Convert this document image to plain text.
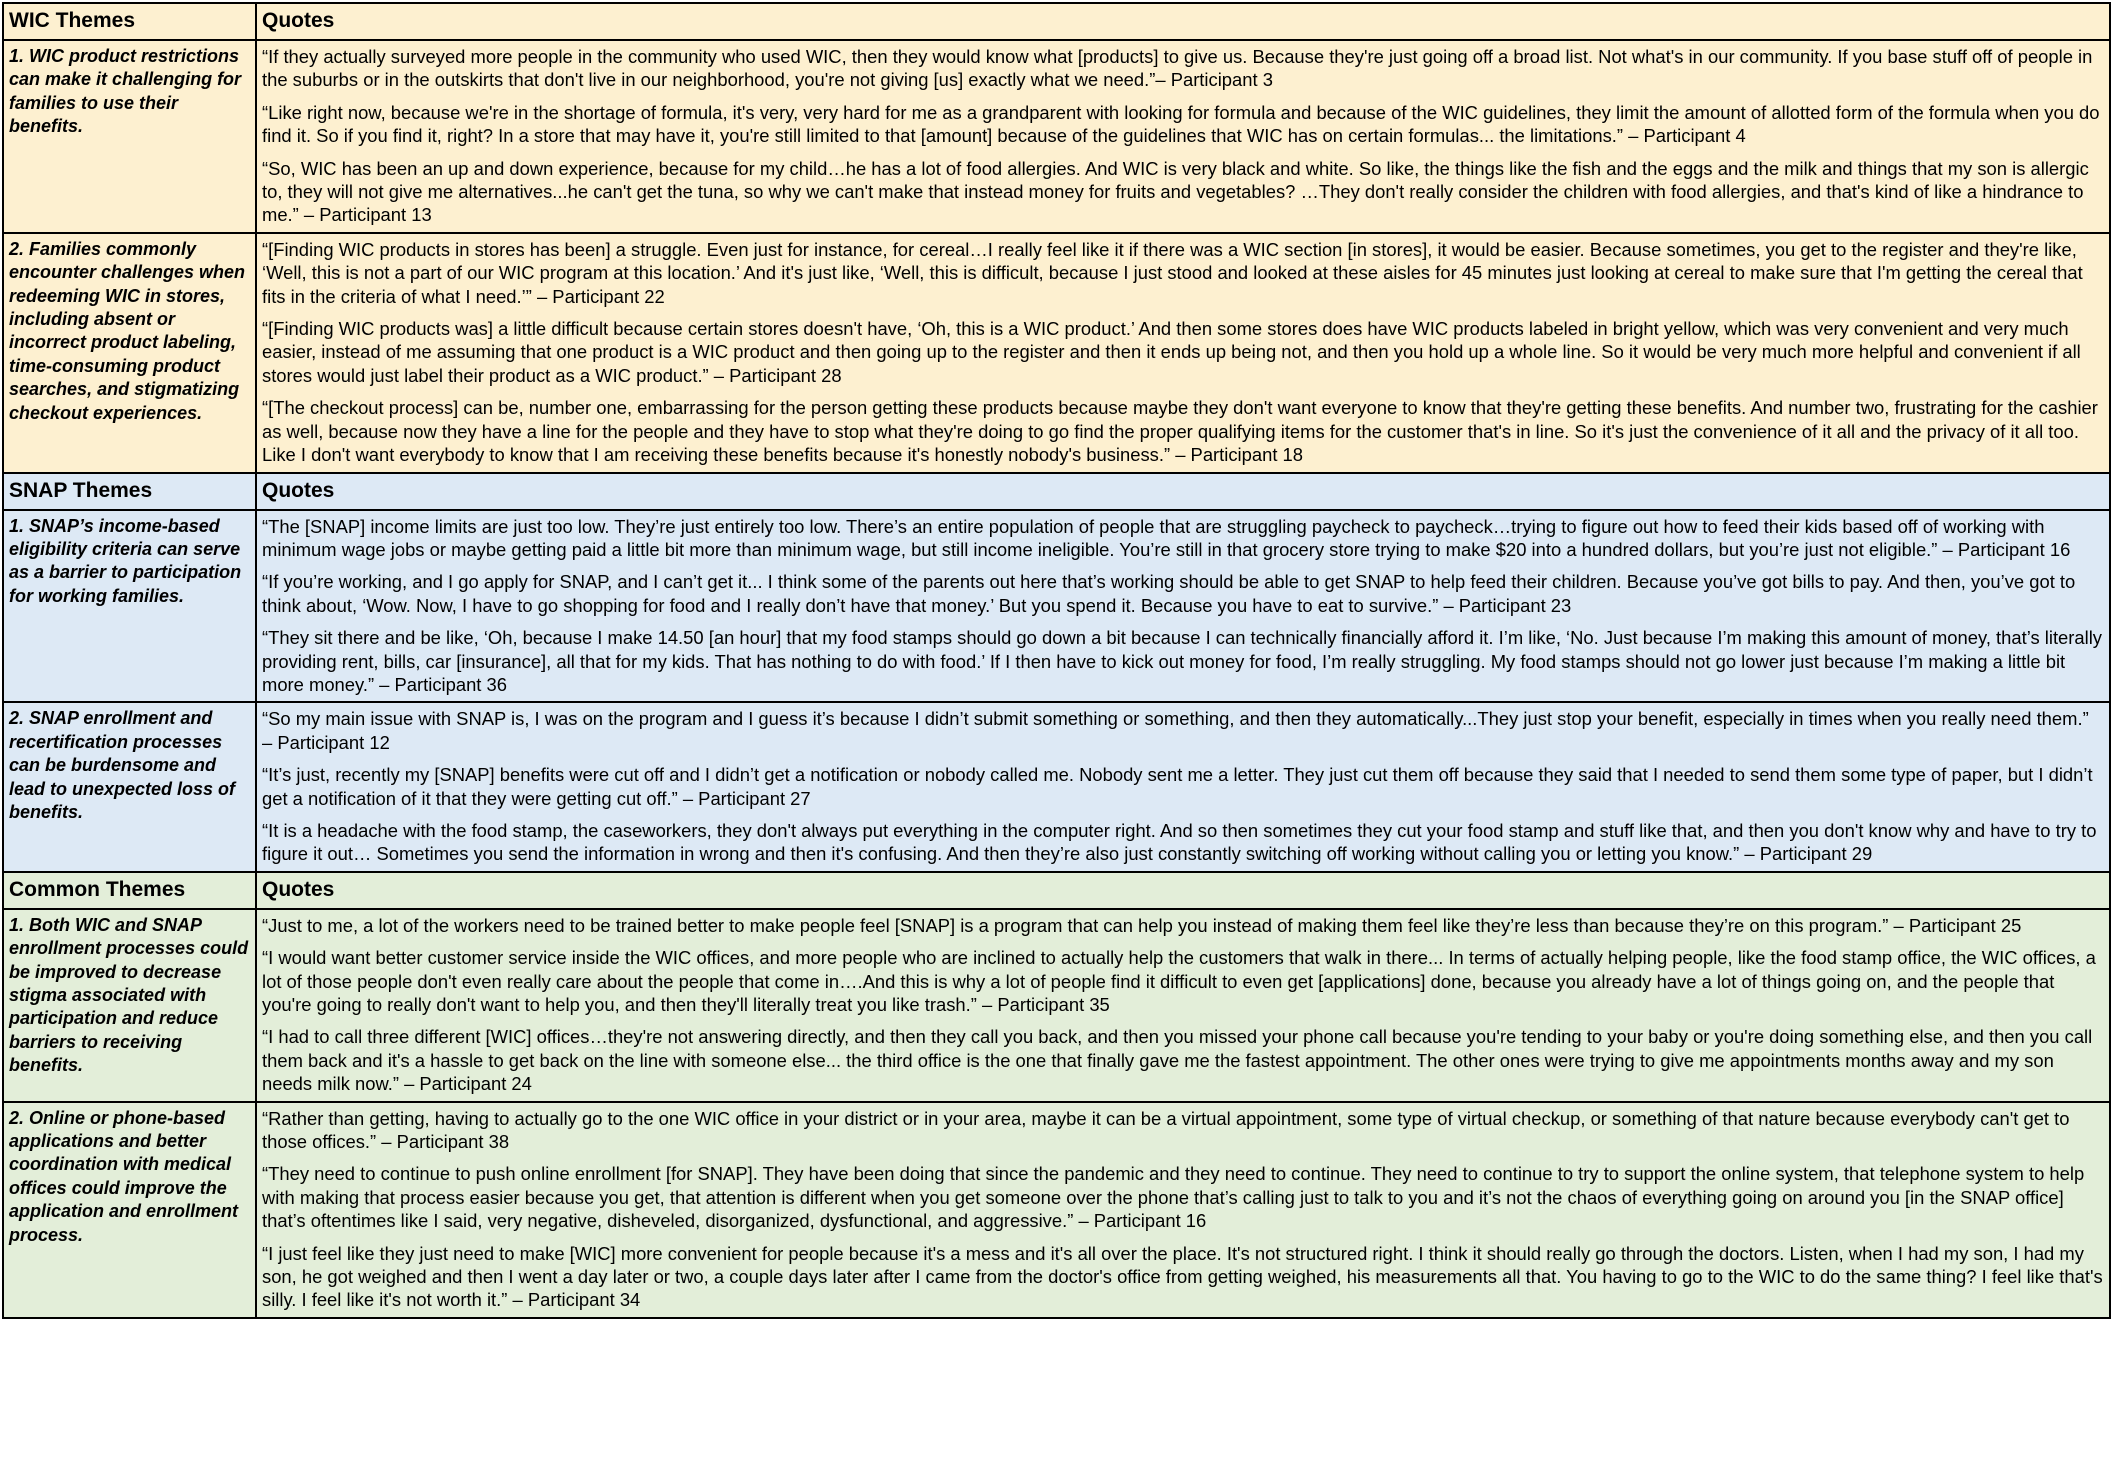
WIC Themes	Quotes
1. WIC product restrictions can make it challenging for families to use their benefits.	“If they actually surveyed more people in the community who used WIC, then they would know what [products] to give us. Because they're just going off a broad list. Not what's in our community. If you base stuff off of people in the suburbs or in the outskirts that don't live in our neighborhood, you're not giving [us] exactly what we need.”– Participant 3

“Like right now, because we're in the shortage of formula, it's very, very hard for me as a grandparent with looking for formula and because of the WIC guidelines, they limit the amount of allotted form of the formula when you do find it. So if you find it, right? In a store that may have it, you're still limited to that [amount] because of the guidelines that WIC has on certain formulas... the limitations.” – Participant 4

“So, WIC has been an up and down experience, because for my child…he has a lot of food allergies. And WIC is very black and white. So like, the things like the fish and the eggs and the milk and things that my son is allergic to, they will not give me alternatives...he can't get the tuna, so why we can't make that instead money for fruits and vegetables? …They don't really consider the children with food allergies, and that's kind of like a hindrance to me.” – Participant 13

2. Families commonly encounter challenges when redeeming WIC in stores, including absent or incorrect product labeling, time-consuming product searches, and stigmatizing checkout experiences.	“[Finding WIC products in stores has been] a struggle. Even just for instance, for cereal…I really feel like it if there was a WIC section [in stores], it would be easier. Because sometimes, you get to the register and they're like, ‘Well, this is not a part of our WIC program at this location.’ And it's just like, ‘Well, this is difficult, because I just stood and looked at these aisles for 45 minutes just looking at cereal to make sure that I'm getting the cereal that fits in the criteria of what I need.’” – Participant 22

“[Finding WIC products was] a little difficult because certain stores doesn't have, ‘Oh, this is a WIC product.’ And then some stores does have WIC products labeled in bright yellow, which was very convenient and very much easier, instead of me assuming that one product is a WIC product and then going up to the register and then it ends up being not, and then you hold up a whole line. So it would be very much more helpful and convenient if all stores would just label their product as a WIC product.” – Participant 28

“[The checkout process] can be, number one, embarrassing for the person getting these products because maybe they don't want everyone to know that they're getting these benefits. And number two, frustrating for the cashier as well, because now they have a line for the people and they have to stop what they're doing to go find the proper qualifying items for the customer that's in line. So it's just the convenience of it all and the privacy of it all too. Like I don't want everybody to know that I am receiving these benefits because it's honestly nobody's business.” – Participant 18

SNAP Themes	Quotes
1. SNAP’s income-based eligibility criteria can serve as a barrier to participation for working families.	“The [SNAP] income limits are just too low. They’re just entirely too low. There’s an entire population of people that are struggling paycheck to paycheck…trying to figure out how to feed their kids based off of working with minimum wage jobs or maybe getting paid a little bit more than minimum wage, but still income ineligible. You’re still in that grocery store trying to make $20 into a hundred dollars, but you’re just not eligible.” – Participant 16

“If you’re working, and I go apply for SNAP, and I can’t get it... I think some of the parents out here that’s working should be able to get SNAP to help feed their children. Because you’ve got bills to pay. And then, you’ve got to think about, ‘Wow. Now, I have to go shopping for food and I really don’t have that money.’ But you spend it. Because you have to eat to survive.” – Participant 23

“They sit there and be like, ‘Oh, because I make 14.50 [an hour] that my food stamps should go down a bit because I can technically financially afford it. I’m like, ‘No. Just because I’m making this amount of money, that’s literally providing rent, bills, car [insurance], all that for my kids. That has nothing to do with food.’ If I then have to kick out money for food, I’m really struggling. My food stamps should not go lower just because I’m making a little bit more money.” – Participant 36

2. SNAP enrollment and recertification processes can be burdensome and lead to unexpected loss of benefits.	“So my main issue with SNAP is, I was on the program and I guess it’s because I didn’t submit something or something, and then they automatically...They just stop your benefit, especially in times when you really need them.” – Participant 12

“It’s just, recently my [SNAP] benefits were cut off and I didn’t get a notification or nobody called me. Nobody sent me a letter. They just cut them off because they said that I needed to send them some type of paper, but I didn’t get a notification of it that they were getting cut off.” – Participant 27

“It is a headache with the food stamp, the caseworkers, they don't always put everything in the computer right. And so then sometimes they cut your food stamp and stuff like that, and then you don't know why and have to try to figure it out… Sometimes you send the information in wrong and then it's confusing. And then they’re also just constantly switching off working without calling you or letting you know.” – Participant 29

Common Themes	Quotes
1. Both WIC and SNAP enrollment processes could be improved to decrease stigma associated with participation and reduce barriers to receiving benefits.	“Just to me, a lot of the workers need to be trained better to make people feel [SNAP] is a program that can help you instead of making them feel like they’re less than because they’re on this program.” – Participant 25

“I would want better customer service inside the WIC offices, and more people who are inclined to actually help the customers that walk in there... In terms of actually helping people, like the food stamp office, the WIC offices, a lot of those people don't even really care about the people that come in….And this is why a lot of people find it difficult to even get [applications] done, because you already have a lot of things going on, and the people that you're going to really don't want to help you, and then they'll literally treat you like trash.” – Participant 35

“I had to call three different [WIC] offices…they're not answering directly, and then they call you back, and then you missed your phone call because you're tending to your baby or you're doing something else, and then you call them back and it's a hassle to get back on the line with someone else... the third office is the one that finally gave me the fastest appointment. The other ones were trying to give me appointments months away and my son needs milk now.” – Participant 24

2. Online or phone-based applications and better coordination with medical offices could improve the application and enrollment process.	“Rather than getting, having to actually go to the one WIC office in your district or in your area, maybe it can be a virtual appointment, some type of virtual checkup, or something of that nature because everybody can't get to those offices.” – Participant 38

“They need to continue to push online enrollment [for SNAP]. They have been doing that since the pandemic and they need to continue. They need to continue to try to support the online system, that telephone system to help with making that process easier because you get, that attention is different when you get someone over the phone that’s calling just to talk to you and it’s not the chaos of everything going on around you [in the SNAP office] that’s oftentimes like I said, very negative, disheveled, disorganized, dysfunctional, and aggressive.” – Participant 16

“I just feel like they just need to make [WIC] more convenient for people because it's a mess and it's all over the place. It's not structured right. I think it should really go through the doctors. Listen, when I had my son, I had my son, he got weighed and then I went a day later or two, a couple days later after I came from the doctor's office from getting weighed, his measurements all that. You having to go to the WIC to do the same thing? I feel like that's silly. I feel like it's not worth it.” – Participant 34
